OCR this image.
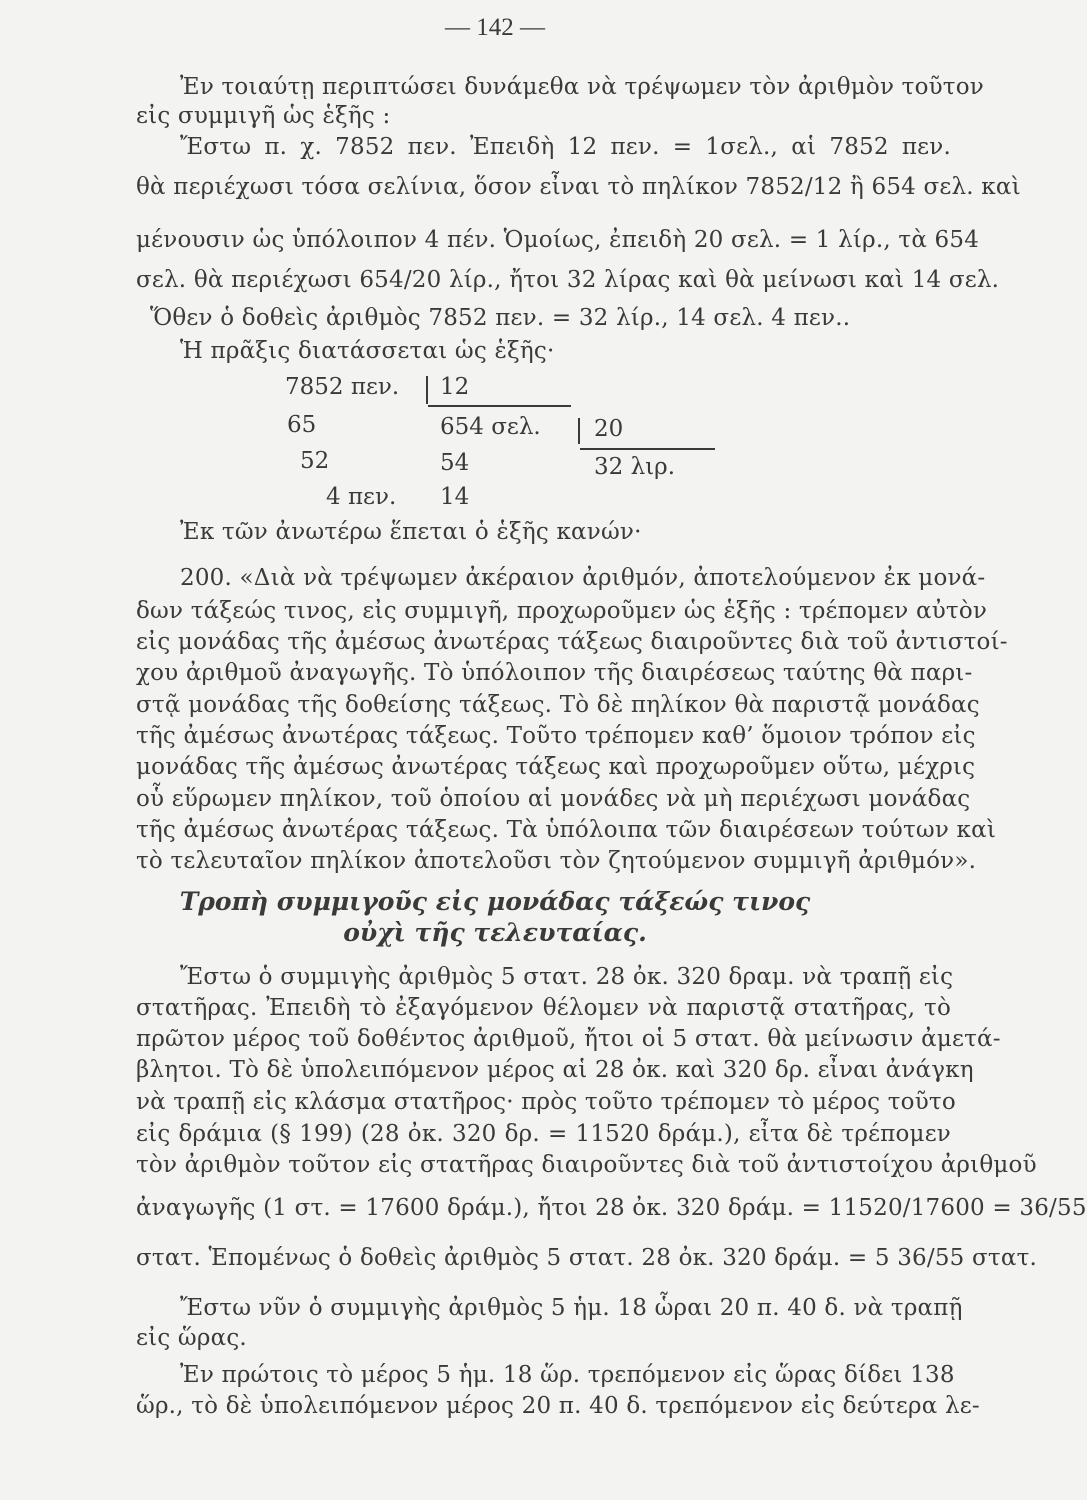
— 142 —
Ἐν τοιαύτῃ περιπτώσει δυνάμεθα νὰ τρέψωμεν τὸν ἀριθμὸν τοῦτον
εἰς συμμιγῆ ὡς ἑξῆς :
Ἔστω π. χ. 7852 πεν. Ἐπειδὴ 12 πεν. = 1σελ., αἱ 7852 πεν.
θὰ περιέχωσι τόσα σελίνια, ὅσον εἶναι τὸ πηλίκον 7852/12 ἢ 654 σελ. καὶ
μένουσιν ὡς ὑπόλοιπον 4 πέν. Ὁμοίως, ἐπειδὴ 20 σελ. = 1 λίρ., τὰ 654
σελ. θὰ περιέχωσι 654/20 λίρ., ἤτοι 32 λίρας καὶ θὰ μείνωσι καὶ 14 σελ.
Ὅθεν ὁ δοθεὶς ἀριθμὸς 7852 πεν. = 32 λίρ., 14 σελ. 4 πεν..
Ἡ πρᾶξις διατάσσεται ὡς ἑξῆς·
7852 πεν.
65
52
4 πεν.
12
654 σελ.
54
14
20
32 λιρ.
Ἐκ τῶν ἀνωτέρω ἕπεται ὁ ἑξῆς κανών·
200. «Διὰ νὰ τρέψωμεν ἀκέραιον ἀριθμόν, ἀποτελούμενον ἐκ μονά-
δων τάξεώς τινος, εἰς συμμιγῆ, προχωροῦμεν ὡς ἑξῆς : τρέπομεν αὐτὸν
εἰς μονάδας τῆς ἀμέσως ἀνωτέρας τάξεως διαιροῦντες διὰ τοῦ ἀντιστοί-
χου ἀριθμοῦ ἀναγωγῆς. Τὸ ὑπόλοιπον τῆς διαιρέσεως ταύτης θὰ παρι-
στᾷ μονάδας τῆς δοθείσης τάξεως. Τὸ δὲ πηλίκον θὰ παριστᾷ μονάδας
τῆς ἀμέσως ἀνωτέρας τάξεως. Τοῦτο τρέπομεν καθ’ ὅμοιον τρόπον εἰς
μονάδας τῆς ἀμέσως ἀνωτέρας τάξεως καὶ προχωροῦμεν οὕτω, μέχρις
οὗ εὕρωμεν πηλίκον, τοῦ ὁποίου αἱ μονάδες νὰ μὴ περιέχωσι μονάδας
τῆς ἀμέσως ἀνωτέρας τάξεως. Τὰ ὑπόλοιπα τῶν διαιρέσεων τούτων καὶ
τὸ τελευταῖον πηλίκον ἀποτελοῦσι τὸν ζητούμενον συμμιγῆ ἀριθμόν».
Τροπὴ συμμιγοῦς εἰς μονάδας τάξεώς τινος
οὐχὶ τῆς τελευταίας.
Ἔστω ὁ συμμιγὴς ἀριθμὸς 5 στατ. 28 ὀκ. 320 δραμ. νὰ τραπῇ εἰς
στατῆρας. Ἐπειδὴ τὸ ἐξαγόμενον θέλομεν νὰ παριστᾷ στατῆρας, τὸ
πρῶτον μέρος τοῦ δοθέντος ἀριθμοῦ, ἤτοι οἱ 5 στατ. θὰ μείνωσιν ἀμετά-
βλητοι. Τὸ δὲ ὑπολειπόμενον μέρος αἱ 28 ὀκ. καὶ 320 δρ. εἶναι ἀνάγκη
νὰ τραπῇ εἰς κλάσμα στατῆρος· πρὸς τοῦτο τρέπομεν τὸ μέρος τοῦτο
εἰς δράμια (§ 199) (28 ὀκ. 320 δρ. = 11520 δράμ.), εἶτα δὲ τρέπομεν
τὸν ἀριθμὸν τοῦτον εἰς στατῆρας διαιροῦντες διὰ τοῦ ἀντιστοίχου ἀριθμοῦ
ἀναγωγῆς (1 στ. = 17600 δράμ.), ἤτοι 28 ὀκ. 320 δράμ. = 11520/17600 = 36/55
στατ. Ἑπομένως ὁ δοθεὶς ἀριθμὸς 5 στατ. 28 ὀκ. 320 δράμ. = 5 36/55 στατ.
Ἔστω νῦν ὁ συμμιγὴς ἀριθμὸς 5 ἡμ. 18 ὧραι 20 π. 40 δ. νὰ τραπῇ
εἰς ὥρας.
Ἐν πρώτοις τὸ μέρος 5 ἡμ. 18 ὥρ. τρεπόμενον εἰς ὥρας δίδει 138
ὥρ., τὸ δὲ ὑπολειπόμενον μέρος 20 π. 40 δ. τρεπόμενον εἰς δεύτερα λε-
